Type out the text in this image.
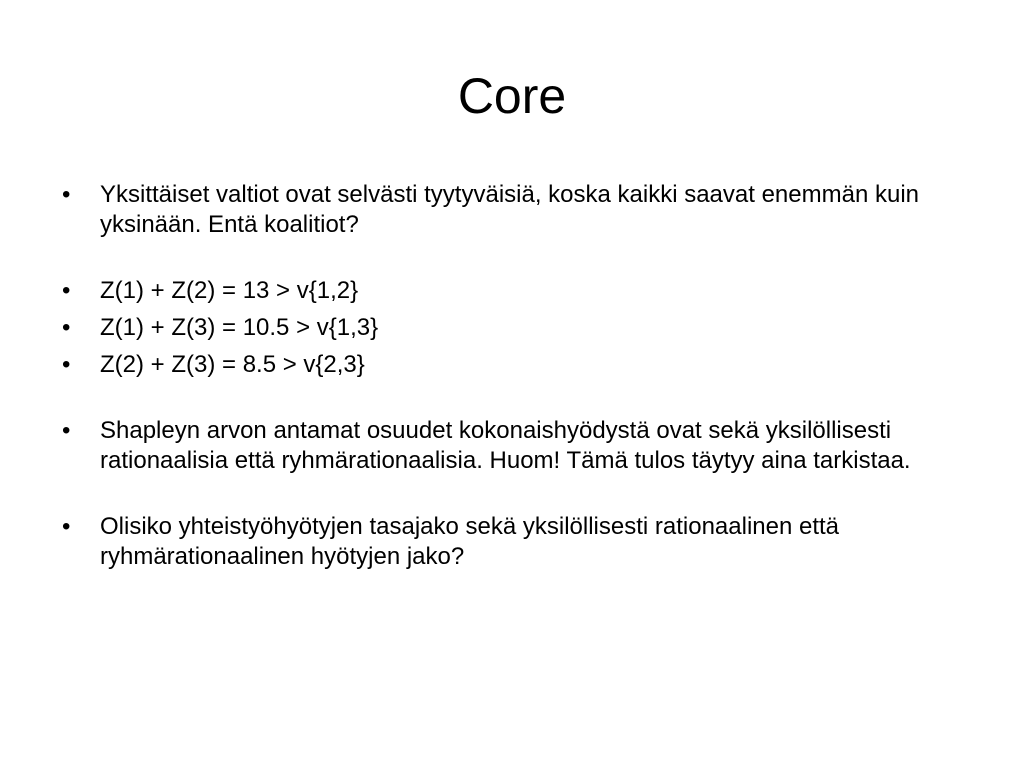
Core
•	Yksittäiset valtiot ovat selvästi tyytyväisiä, koska kaikki saavat enemmän kuin yksinään. Entä koalitiot?
•	Z(1) + Z(2) = 13 > v{1,2}
•	Z(1) + Z(3) = 10.5 > v{1,3}
•	Z(2) + Z(3) = 8.5 > v{2,3}
•	Shapleyn arvon antamat osuudet kokonaishyödystä ovat sekä yksilöllisesti rationaalisia että ryhmärationaalisia. Huom! Tämä tulos täytyy aina tarkistaa.
•	Olisiko yhteistyöhyötyjen tasajako sekä yksilöllisesti rationaalinen että ryhmärationaalinen hyötyjen jako?
